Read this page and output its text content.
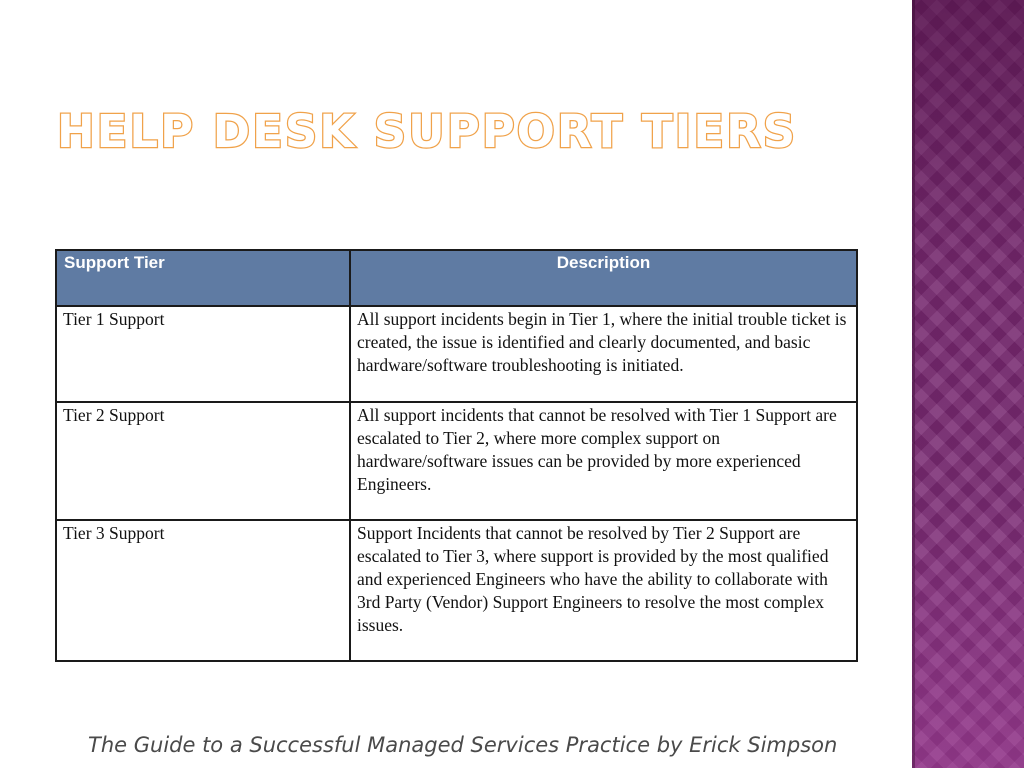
HELP DESK SUPPORT TIERS
Support Tier	Description
Tier 1 Support	All support incidents begin in Tier 1, where the initial trouble ticket is created, the issue is identified and clearly documented, and basic hardware/software troubleshooting is initiated.
Tier 2 Support	All support incidents that cannot be resolved with Tier 1 Support are escalated to Tier 2, where more complex support on hardware/software issues can be provided by more experienced Engineers.
Tier 3 Support	Support Incidents that cannot be resolved by Tier 2 Support are escalated to Tier 3, where support is provided by the most qualified and experienced Engineers who have the ability to collaborate with 3rd Party (Vendor) Support Engineers to resolve the most complex issues.
The Guide to a Successful Managed Services Practice by Erick Simpson
